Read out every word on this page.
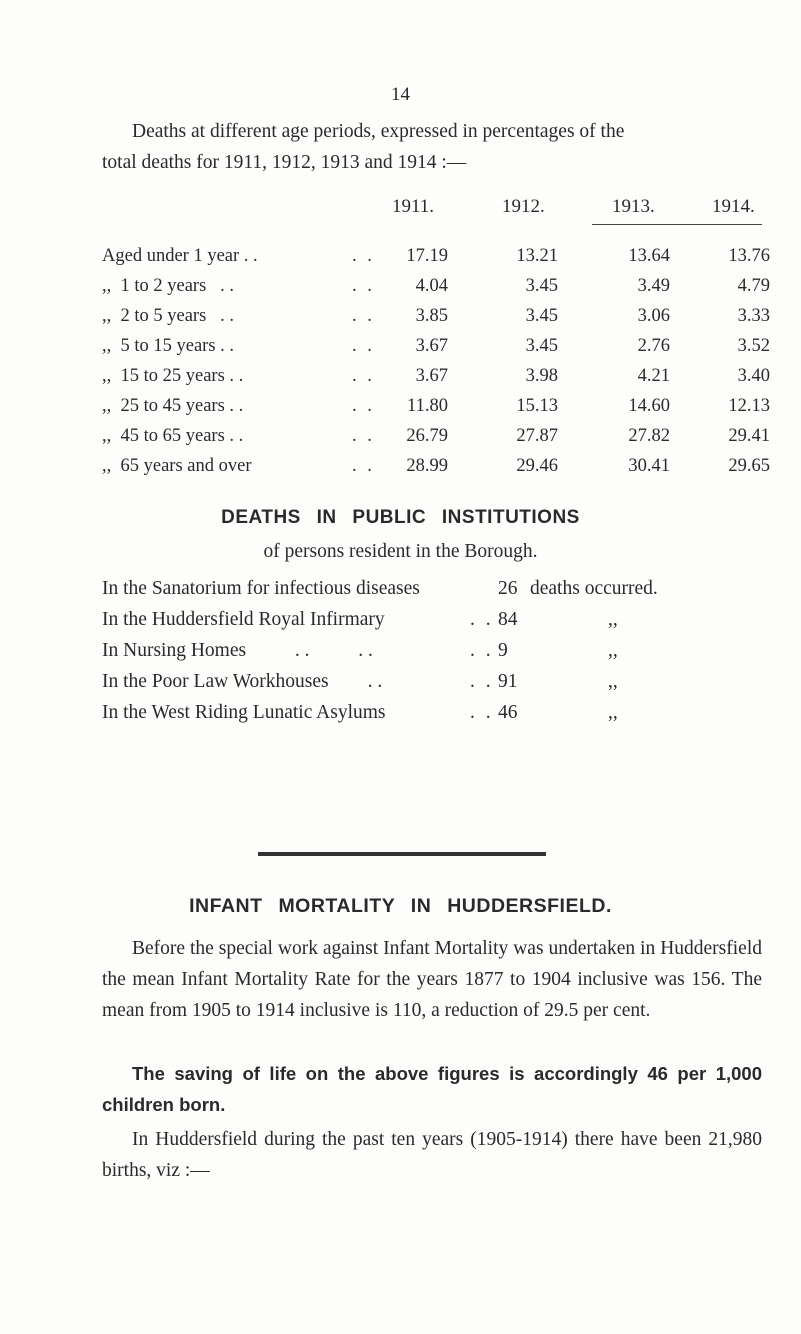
14
Deaths at different age periods, expressed in percentages of the
total deaths for 1911, 1912, 1913 and 1914 :—
1911.	1912.	1913.	1914.
Aged under 1 year . .	. .	17.19	13.21	13.64	13.76
,,  1 to 2 years   . .	. .	4.04	3.45	3.49	4.79
,,  2 to 5 years   . .	. .	3.85	3.45	3.06	3.33
,,  5 to 15 years . .	. .	3.67	3.45	2.76	3.52
,,  15 to 25 years . .	. .	3.67	3.98	4.21	3.40
,,  25 to 45 years . .	. .	11.80	15.13	14.60	12.13
,,  45 to 65 years . .	. .	26.79	27.87	27.82	29.41
,,  65 years and over	. .	28.99	29.46	30.41	29.65
DEATHS IN PUBLIC INSTITUTIONS
of persons resident in the Borough.
In the Sanatorium for infectious diseases	26 deaths occurred.
In the Huddersfield Royal Infirmary	. . 84	,,
In Nursing Homes          . .          . .	. . 9	,,
In the Poor Law Workhouses        . .	. . 91	,,
In the West Riding Lunatic Asylums	. . 46	,,
INFANT MORTALITY IN HUDDERSFIELD.
Before the special work against Infant Mortality was undertaken in Huddersfield the mean Infant Mortality Rate for the years 1877 to 1904 inclusive was 156. The mean from 1905 to 1914 inclusive is 110, a reduction of 29.5 per cent.
The saving of life on the above figures is accordingly 46 per 1,000 children born.
In Huddersfield during the past ten years (1905-1914) there have been 21,980 births, viz :—
